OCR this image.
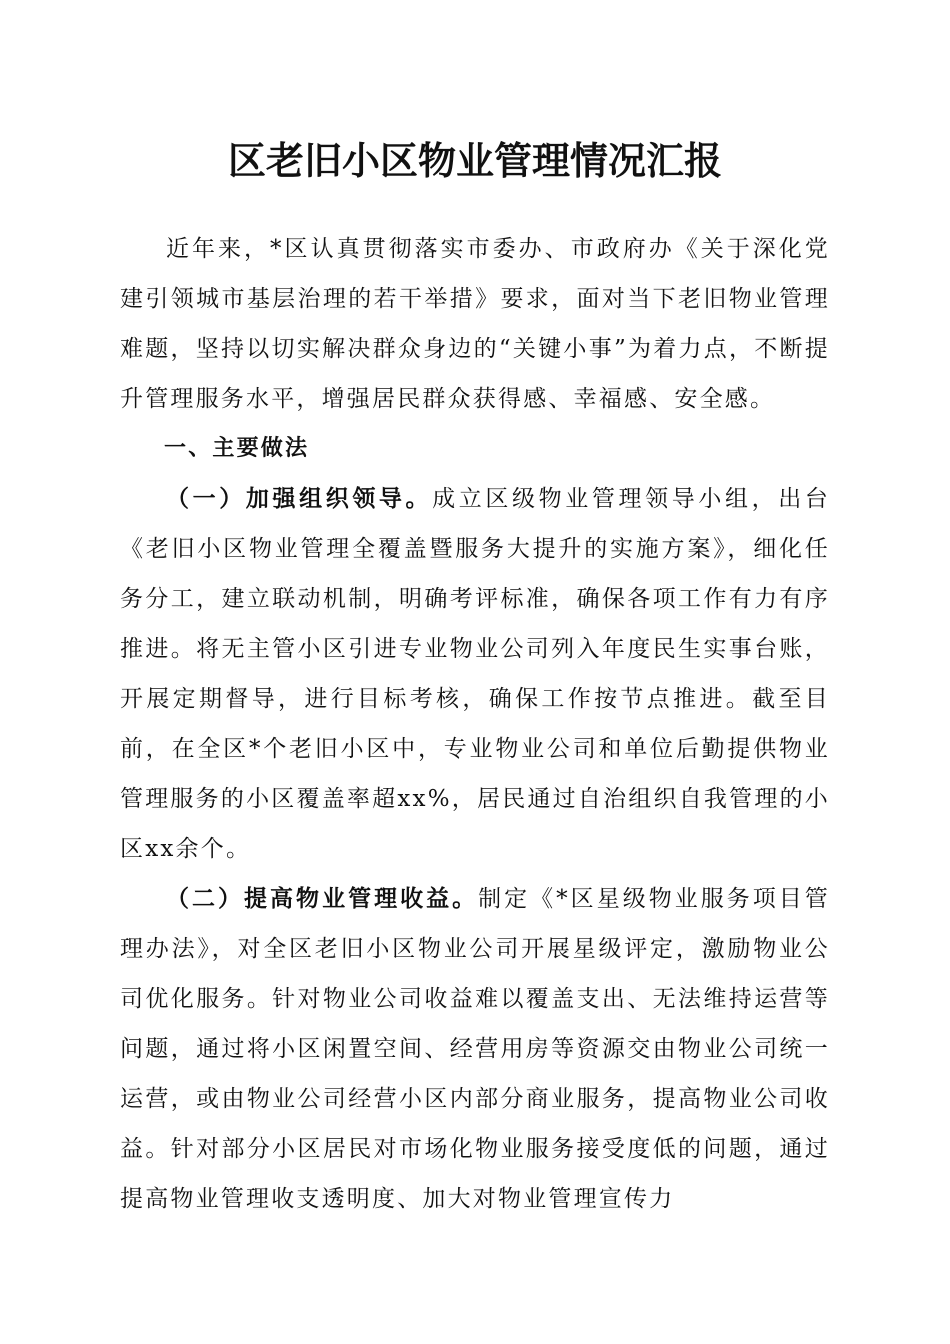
区老旧小区物业管理情况汇报

近年来，*区认真贯彻落实市委办、市政府办《关于深化党建引领城市基层治理的若干举措》要求，面对当下老旧物业管理难题，坚持以切实解决群众身边的“关键小事”为着力点，不断提升管理服务水平，增强居民群众获得感、幸福感、安全感。

一、主要做法

（一）加强组织领导。成立区级物业管理领导小组，出台《老旧小区物业管理全覆盖暨服务大提升的实施方案》，细化任务分工，建立联动机制，明确考评标准，确保各项工作有力有序推进。将无主管小区引进专业物业公司列入年度民生实事台账，开展定期督导，进行目标考核，确保工作按节点推进。截至目前，在全区*个老旧小区中，专业物业公司和单位后勤提供物业管理服务的小区覆盖率超xx%，居民通过自治组织自我管理的小区xx余个。

（二）提高物业管理收益。制定《*区星级物业服务项目管理办法》，对全区老旧小区物业公司开展星级评定，激励物业公司优化服务。针对物业公司收益难以覆盖支出、无法维持运营等问题，通过将小区闲置空间、经营用房等资源交由物业公司统一运营，或由物业公司经营小区内部分商业服务，提高物业公司收益。针对部分小区居民对市场化物业服务接受度低的问题，通过提高物业管理收支透明度、加大对物业管理宣传力
